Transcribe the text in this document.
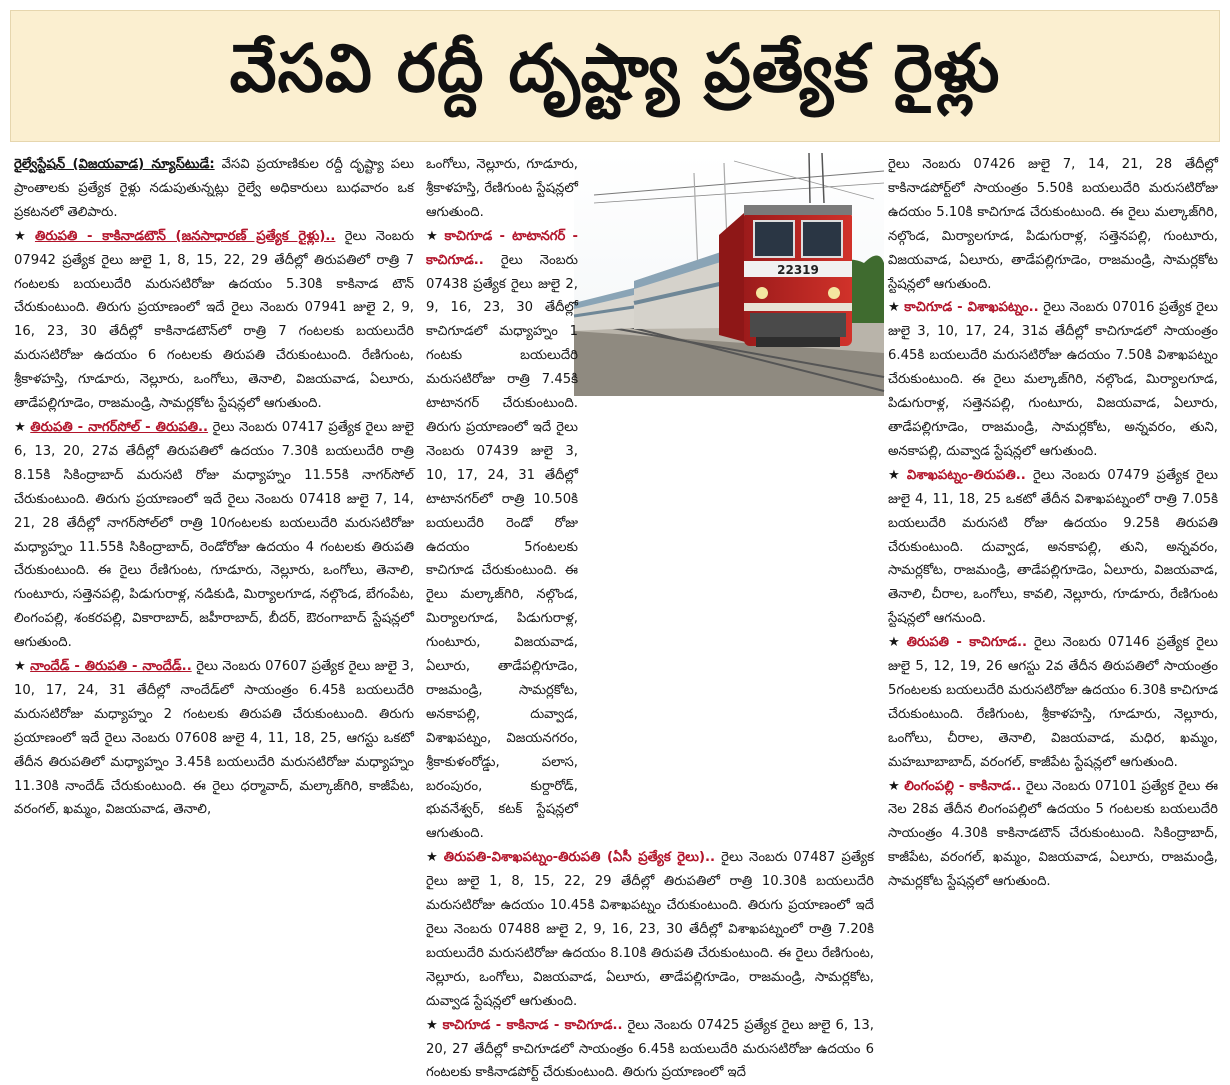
వేసవి రద్దీ దృష్ట్యా ప్రత్యేక రైళ్లు
22319

రైల్వేస్టేషన్ (విజయవాడ) న్యూస్‌టుడే: వేసవి ప్రయాణికుల రద్దీ దృష్ట్యా పలు ప్రాంతాలకు ప్రత్యేక రైళ్లు నడుపుతున్నట్లు రైల్వే అధికారులు బుధవారం ఒక ప్రకటనలో తెలిపారు.

★ తిరుపతి - కాకినాడటౌన్ (జనసాధారణ్ ప్రత్యేక రైళ్లు).. రైలు నెంబరు 07942 ప్రత్యేక రైలు జులై 1, 8, 15, 22, 29 తేదీల్లో తిరుపతిలో రాత్రి 7 గంటలకు బయలుదేరి మరుసటిరోజు ఉదయం 5.30కి కాకినాడ టౌన్ చేరుకుంటుంది. తిరుగు ప్రయాణంలో ఇదే రైలు నెంబరు 07941 జులై 2, 9, 16, 23, 30 తేదీల్లో కాకినాడటౌన్‌లో రాత్రి 7 గంటలకు బయలుదేరి మరుసటిరోజు ఉదయం 6 గంటలకు తిరుపతి చేరుకుంటుంది. రేణిగుంట, శ్రీకాళహస్తి, గూడూరు, నెల్లూరు, ఒంగోలు, తెనాలి, విజయవాడ, ఏలూరు, తాడేపల్లిగూడెం, రాజమండ్రి, సామర్లకోట స్టేషన్లలో ఆగుతుంది.

★ తిరుపతి - నాగర్‌సోల్ - తిరుపతి.. రైలు నెంబరు 07417 ప్రత్యేక రైలు జులై 6, 13, 20, 27వ తేదీల్లో తిరుపతిలో ఉదయం 7.30కి బయలుదేరి రాత్రి 8.15కి సికింద్రాబాద్ మరుసటి రోజు మధ్యాహ్నం 11.55కి నాగర్‌సోల్ చేరుకుంటుంది. తిరుగు ప్రయాణంలో ఇదే రైలు నెంబరు 07418 జులై 7, 14, 21, 28 తేదీల్లో నాగర్‌సోల్‌లో రాత్రి 10గంటలకు బయలుదేరి మరుసటిరోజు మధ్యాహ్నం 11.55కి సికింద్రాబాద్, రెండోరోజు ఉదయం 4 గంటలకు తిరుపతి చేరుకుంటుంది. ఈ రైలు రేణిగుంట, గూడూరు, నెల్లూరు, ఒంగోలు, తెనాలి, గుంటూరు, సత్తెనపల్లి, పిడుగురాళ్ల, నడికుడి, మిర్యాలగూడ, నల్గొండ, బేగంపేట, లింగంపల్లి, శంకరపల్లి, వికారాబాద్, జహీరాబాద్, బీదర్, ఔరంగాబాద్ స్టేషన్లలో ఆగుతుంది.

★ నాందేడ్ - తిరుపతి - నాందేడ్.. రైలు నెంబరు 07607 ప్రత్యేక రైలు జులై 3, 10, 17, 24, 31 తేదీల్లో నాందేడ్‌లో సాయంత్రం 6.45కి బయలుదేరి మరుసటిరోజు మధ్యాహ్నం 2 గంటలకు తిరుపతి చేరుకుంటుంది. తిరుగు ప్రయాణంలో ఇదే రైలు నెంబరు 07608 జులై 4, 11, 18, 25, ఆగస్టు ఒకటో తేదీన తిరుపతిలో మధ్యాహ్నం 3.45కి బయలుదేరి మరుసటిరోజు మధ్యాహ్నం 11.30కి నాందేడ్ చేరుకుంటుంది. ఈ రైలు ధర్మావాద్, మల్కాజ్‌గిరి, కాజీపేట, వరంగల్, ఖమ్మం, విజయవాడ, తెనాలి,

ఒంగోలు, నెల్లూరు, గూడూరు, శ్రీకాళహస్తి, రేణిగుంట స్టేషన్లలో ఆగుతుంది.

★ కాచిగూడ - టాటానగర్ - కాచిగూడ.. రైలు నెంబరు 07438 ప్రత్యేక రైలు జులై 2, 9, 16, 23, 30 తేదీల్లో కాచిగూడలో మధ్యాహ్నం 1 గంటకు బయలుదేరి మరుసటిరోజు రాత్రి 7.45కి టాటానగర్ చేరుకుంటుంది. తిరుగు ప్రయాణంలో ఇదే రైలు నెంబరు 07439 జులై 3, 10, 17, 24, 31 తేదీల్లో టాటానగర్‌లో రాత్రి 10.50కి బయలుదేరి రెండో రోజు ఉదయం 5గంటలకు కాచిగూడ చేరుకుంటుంది. ఈ రైలు మల్కాజ్‌గిరి, నల్గొండ, మిర్యాలగూడ, పిడుగురాళ్ల, గుంటూరు, విజయవాడ, ఏలూరు, తాడేపల్లిగూడెం, రాజమండ్రి, సామర్లకోట, అనకాపల్లి, దువ్వాడ, విశాఖపట్నం, విజయనగరం, శ్రీకాకుళంరోడ్డు, పలాస, బరంపురం, కుర్దారోడ్, భువనేశ్వర్, కటక్ స్టేషన్లలో ఆగుతుంది.

★ తిరుపతి-విశాఖపట్నం-తిరుపతి (ఏసీ ప్రత్యేక రైలు).. రైలు నెంబరు 07487 ప్రత్యేక రైలు జులై 1, 8, 15, 22, 29 తేదీల్లో తిరుపతిలో రాత్రి 10.30కి బయలుదేరి మరుసటిరోజు ఉదయం 10.45కి విశాఖపట్నం చేరుకుంటుంది. తిరుగు ప్రయాణంలో ఇదే రైలు నెంబరు 07488 జులై 2, 9, 16, 23, 30 తేదీల్లో విశాఖపట్నంలో రాత్రి 7.20కి బయలుదేరి మరుసటిరోజు ఉదయం 8.10కి తిరుపతి చేరుకుంటుంది. ఈ రైలు రేణిగుంట, నెల్లూరు, ఒంగోలు, విజయవాడ, ఏలూరు, తాడేపల్లిగూడెం, రాజమండ్రి, సామర్లకోట, దువ్వాడ స్టేషన్లలో ఆగుతుంది.

★ కాచిగూడ - కాకినాడ - కాచిగూడ.. రైలు నెంబరు 07425 ప్రత్యేక రైలు జులై 6, 13, 20, 27 తేదీల్లో కాచిగూడలో సాయంత్రం 6.45కి బయలుదేరి మరుసటిరోజు ఉదయం 6 గంటలకు కాకినాడపోర్ట్ చేరుకుంటుంది. తిరుగు ప్రయాణంలో ఇదే

రైలు నెంబరు 07426 జులై 7, 14, 21, 28 తేదీల్లో కాకినాడపోర్ట్‌లో సాయంత్రం 5.50కి బయలుదేరి మరుసటిరోజు ఉదయం 5.10కి కాచిగూడ చేరుకుంటుంది. ఈ రైలు మల్కాజ్‌గిరి, నల్గొండ, మిర్యాలగూడ, పిడుగురాళ్ల, సత్తెనపల్లి, గుంటూరు, విజయవాడ, ఏలూరు, తాడేపల్లిగూడెం, రాజమండ్రి, సామర్లకోట స్టేషన్లలో ఆగుతుంది.

★ కాచిగూడ - విశాఖపట్నం.. రైలు నెంబరు 07016 ప్రత్యేక రైలు జులై 3, 10, 17, 24, 31వ తేదీల్లో కాచిగూడలో సాయంత్రం 6.45కి బయలుదేరి మరుసటిరోజు ఉదయం 7.50కి విశాఖపట్నం చేరుకుంటుంది. ఈ రైలు మల్కాజ్‌గిరి, నల్గొండ, మిర్యాలగూడ, పిడుగురాళ్ల, సత్తెనపల్లి, గుంటూరు, విజయవాడ, ఏలూరు, తాడేపల్లిగూడెం, రాజమండ్రి, సామర్లకోట, అన్నవరం, తుని, అనకాపల్లి, దువ్వాడ స్టేషన్లలో ఆగుతుంది.

★ విశాఖపట్నం-తిరుపతి.. రైలు నెంబరు 07479 ప్రత్యేక రైలు జులై 4, 11, 18, 25 ఒకటో తేదీన విశాఖపట్నంలో రాత్రి 7.05కి బయలుదేరి మరుసటి రోజు ఉదయం 9.25కి తిరుపతి చేరుకుంటుంది. దువ్వాడ, అనకాపల్లి, తుని, అన్నవరం, సామర్లకోట, రాజమండ్రి, తాడేపల్లిగూడెం, ఏలూరు, విజయవాడ, తెనాలి, చీరాల, ఒంగోలు, కావలి, నెల్లూరు, గూడూరు, రేణిగుంట స్టేషన్లలో ఆగనుంది.

★ తిరుపతి - కాచిగూడ.. రైలు నెంబరు 07146 ప్రత్యేక రైలు జులై 5, 12, 19, 26 ఆగస్టు 2వ తేదీన తిరుపతిలో సాయంత్రం 5గంటలకు బయలుదేరి మరుసటిరోజు ఉదయం 6.30కి కాచిగూడ చేరుకుంటుంది. రేణిగుంట, శ్రీకాళహస్తి, గూడూరు, నెల్లూరు, ఒంగోలు, చీరాల, తెనాలి, విజయవాడ, మధిర, ఖమ్మం, మహబూబాబాద్, వరంగల్, కాజీపేట స్టేషన్లలో ఆగుతుంది.

★ లింగంపల్లి - కాకినాడ.. రైలు నెంబరు 07101 ప్రత్యేక రైలు ఈ నెల 28వ తేదీన లింగంపల్లిలో ఉదయం 5 గంటలకు బయలుదేరి సాయంత్రం 4.30కి కాకినాడటౌన్ చేరుకుంటుంది. సికింద్రాబాద్, కాజీపేట, వరంగల్, ఖమ్మం, విజయవాడ, ఏలూరు, రాజమండ్రి, సామర్లకోట స్టేషన్లలో ఆగుతుంది.
